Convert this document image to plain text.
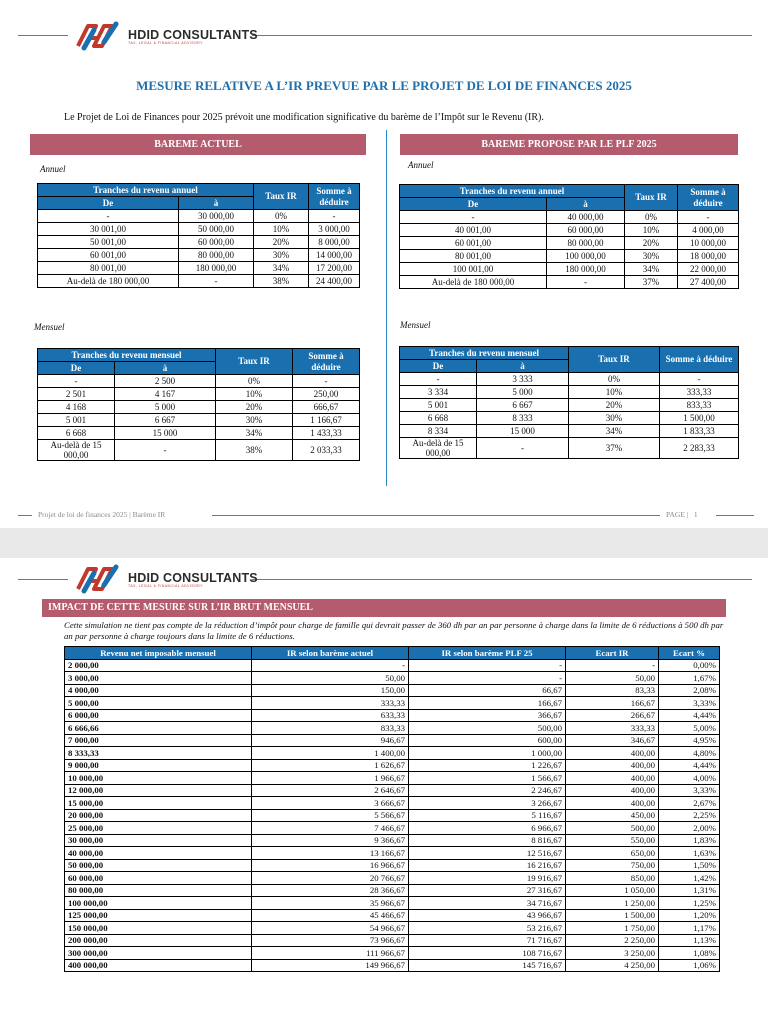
HDID CONSULTANTS
TAX, LEGAL & FINANCIAL ADVISORY
MESURE RELATIVE A L’IR PREVUE PAR LE PROJET DE LOI DE FINANCES 2025
Le Projet de Loi de Finances pour 2025 prévoit une modification significative du barème de l’Impôt sur le Revenu (IR).
BAREME ACTUEL
Annuel
Tranches du revenu annuel		Taux IR	Somme à déduire
De	à		
-	30 000,00	0%	-
30 001,00	50 000,00	10%	3 000,00
50 001,00	60 000,00	20%	8 000,00
60 001,00	80 000,00	30%	14 000,00
80 001,00	180 000,00	34%	17 200,00
Au-delà de 180 000,00	-	38%	24 400,00
Mensuel
Tranches du revenu mensuel		Taux IR	Somme à déduire
De	à		
-	2 500	0%	-
2 501	4 167	10%	250,00
4 168	5 000	20%	666,67
5 001	6 667	30%	1 166,67
6 668	15 000	34%	1 433,33
Au-delà de 15 000,00	-	38%	2 033,33
BAREME PROPOSE PAR LE PLF 2025
Annuel
Tranches du revenu annuel		Taux IR	Somme à déduire
De	à		
-	40 000,00	0%	-
40 001,00	60 000,00	10%	4 000,00
60 001,00	80 000,00	20%	10 000,00
80 001,00	100 000,00	30%	18 000,00
100 001,00	180 000,00	34%	22 000,00
Au-delà de 180 000,00	-	37%	27 400,00
Mensuel
Tranches du revenu mensuel		Taux IR	Somme à déduire
De	à		
-	3 333	0%	-
3 334	5 000	10%	333,33
5 001	6 667	20%	833,33
6 668	8 333	30%	1 500,00
8 334	15 000	34%	1 833,33
Au-delà de 15 000,00	-	37%	2 283,33
Projet de loi de finances 2025 | Barème IR	PAGE |   1
HDID CONSULTANTS
TAX, LEGAL & FINANCIAL ADVISORY
IMPACT DE CETTE MESURE SUR L’IR BRUT MENSUEL
Cette simulation ne tient pas compte de la réduction d’impôt pour charge de famille qui devrait passer de 360 dh par an par personne à charge dans la limite de 6 réductions à 500 dh par an par personne à charge toujours dans la limite de 6 réductions.
Revenu net imposable mensuel	IR selon barème actuel	IR selon barème PLF 25	Ecart IR	Ecart %
2 000,00	-	-	-	0,00%
3 000,00	50,00	-	50,00	1,67%
4 000,00	150,00	66,67	83,33	2,08%
5 000,00	333,33	166,67	166,67	3,33%
6 000,00	633,33	366,67	266,67	4,44%
6 666,66	833,33	500,00	333,33	5,00%
7 000,00	946,67	600,00	346,67	4,95%
8 333,33	1 400,00	1 000,00	400,00	4,80%
9 000,00	1 626,67	1 226,67	400,00	4,44%
10 000,00	1 966,67	1 566,67	400,00	4,00%
12 000,00	2 646,67	2 246,67	400,00	3,33%
15 000,00	3 666,67	3 266,67	400,00	2,67%
20 000,00	5 566,67	5 116,67	450,00	2,25%
25 000,00	7 466,67	6 966,67	500,00	2,00%
30 000,00	9 366,67	8 816,67	550,00	1,83%
40 000,00	13 166,67	12 516,67	650,00	1,63%
50 000,00	16 966,67	16 216,67	750,00	1,50%
60 000,00	20 766,67	19 916,67	850,00	1,42%
80 000,00	28 366,67	27 316,67	1 050,00	1,31%
100 000,00	35 966,67	34 716,67	1 250,00	1,25%
125 000,00	45 466,67	43 966,67	1 500,00	1,20%
150 000,00	54 966,67	53 216,67	1 750,00	1,17%
200 000,00	73 966,67	71 716,67	2 250,00	1,13%
300 000,00	111 966,67	108 716,67	3 250,00	1,08%
400 000,00	149 966,67	145 716,67	4 250,00	1,06%
